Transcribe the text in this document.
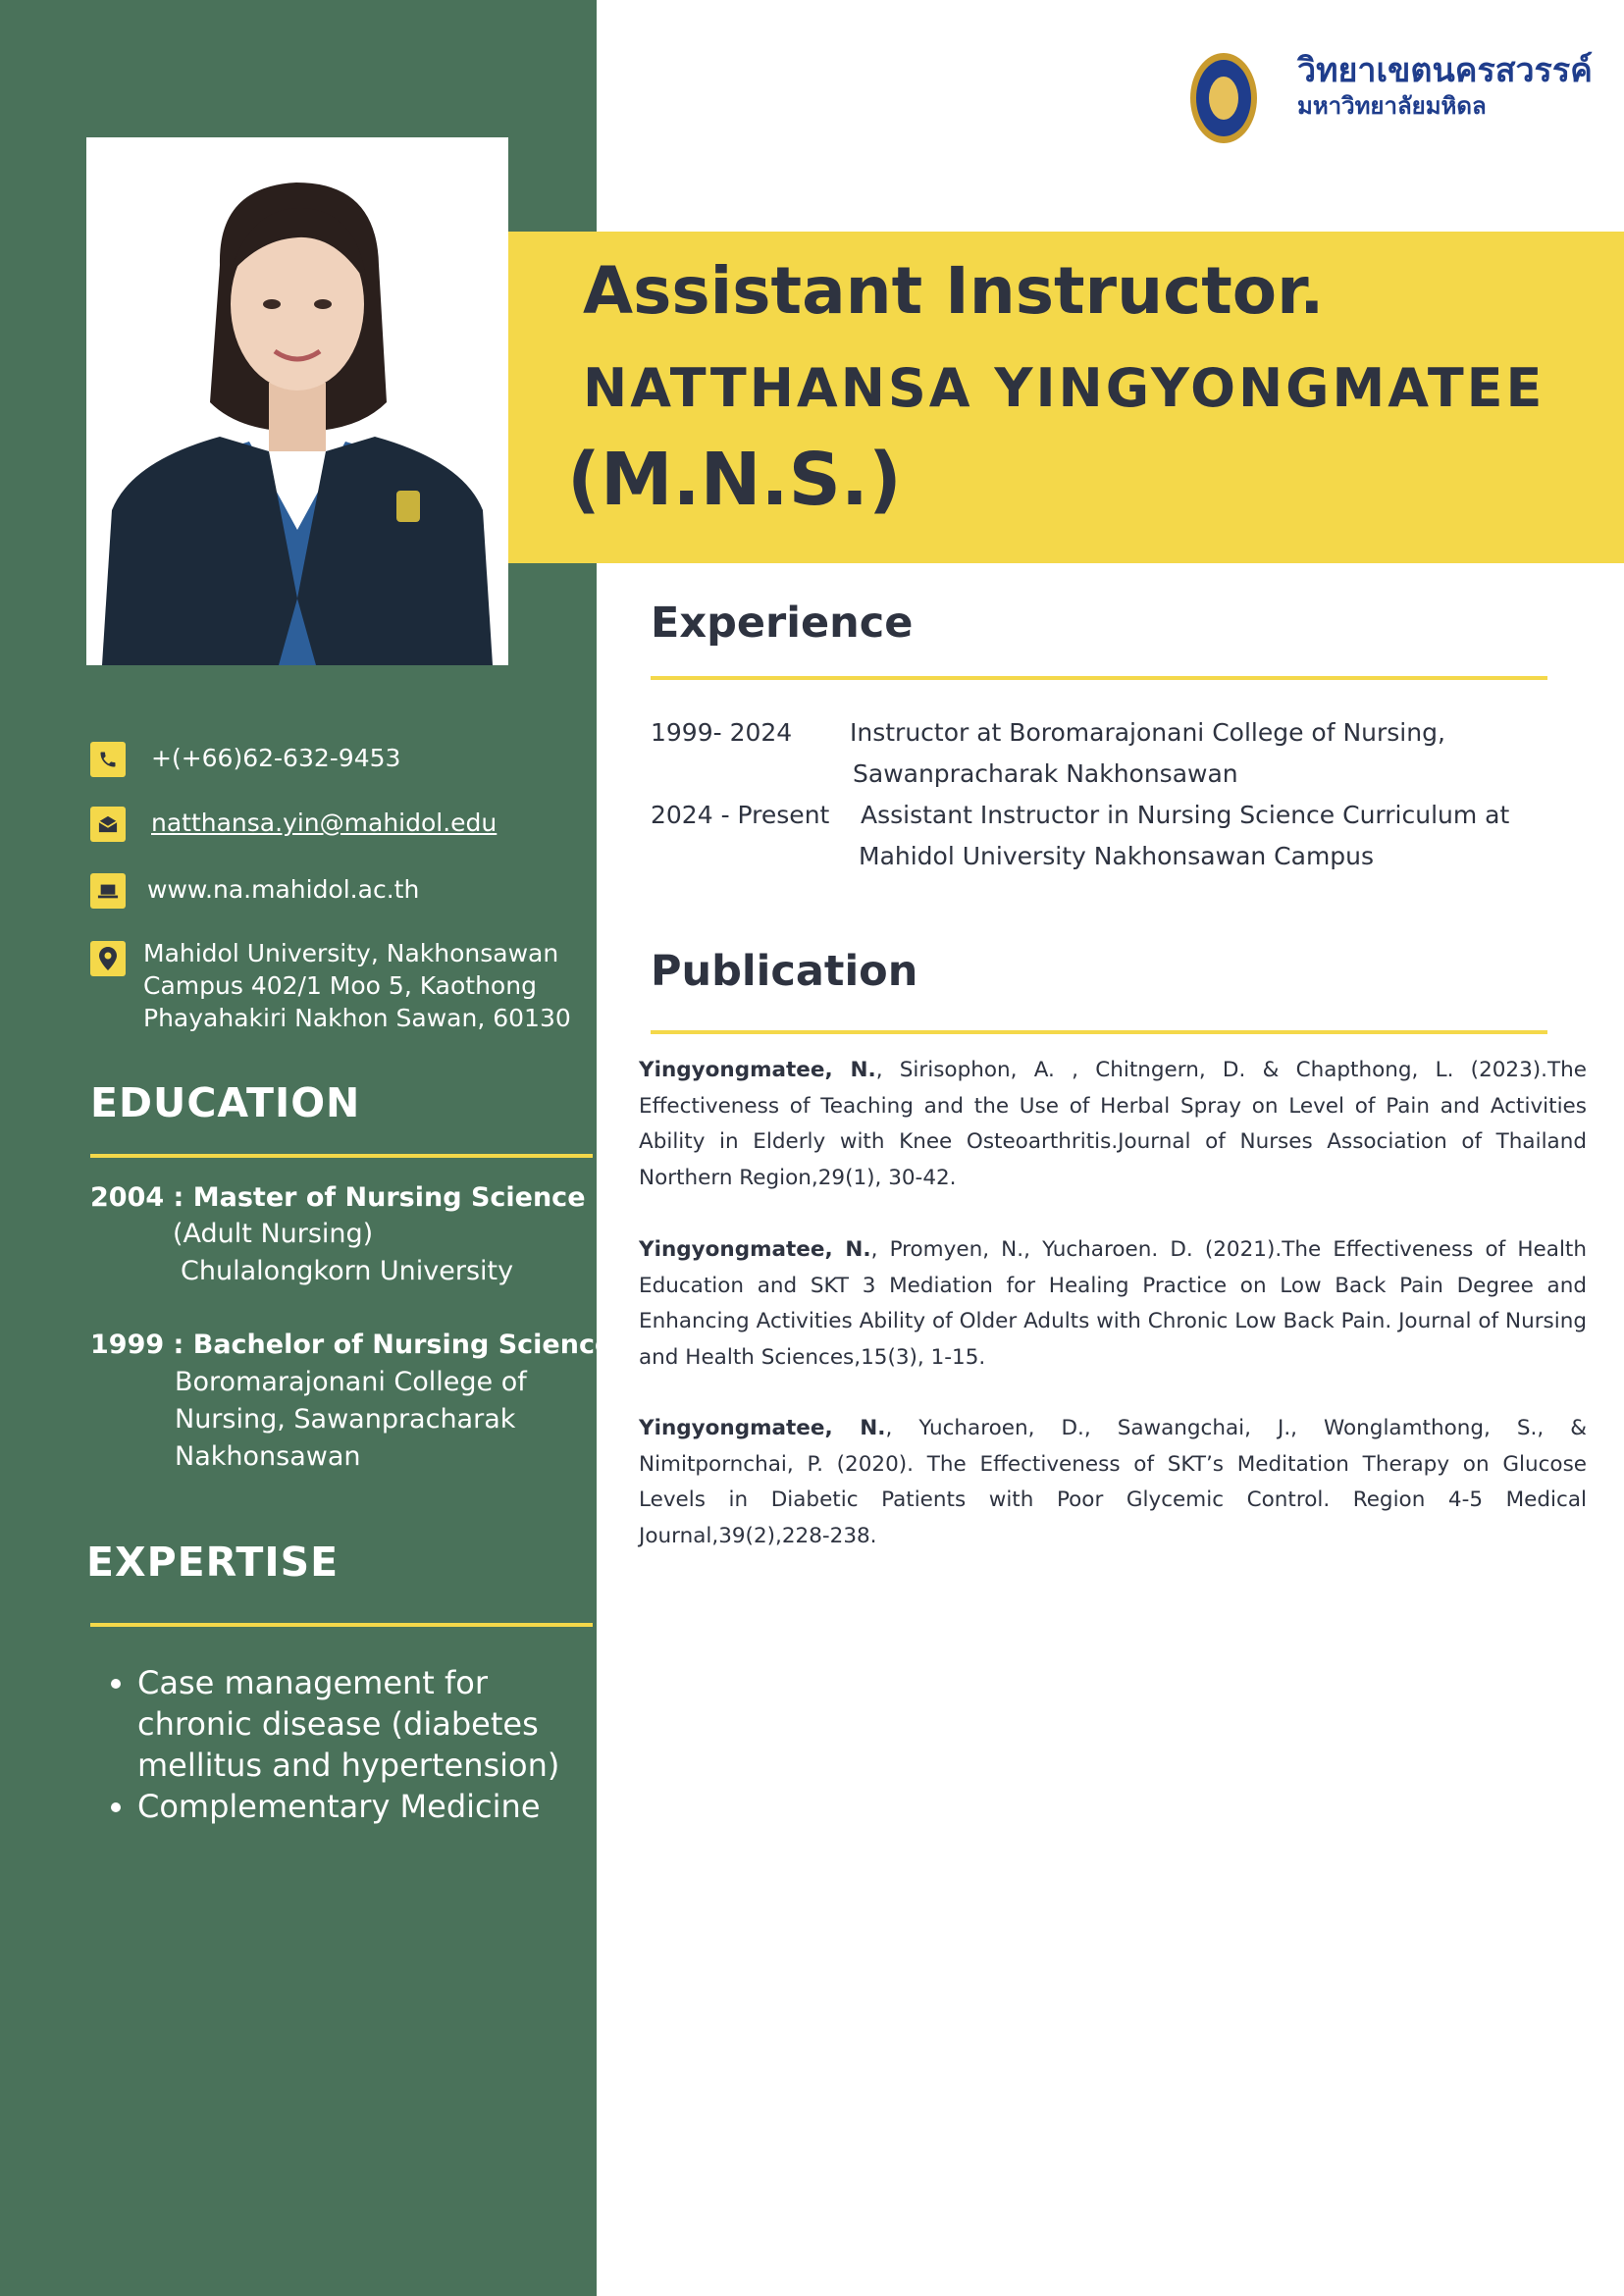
+(+66)62-632-9453
natthansa.yin@mahidol.edu
www.na.mahidol.ac.th
Mahidol University, Nakhonsawan
Campus 402/1 Moo 5, Kaothong
Phayahakiri Nakhon Sawan, 60130
EDUCATION
2004 : Master of Nursing Science
(Adult Nursing)
Chulalongkorn University
1999 : Bachelor of Nursing Science
Boromarajonani College of
Nursing, Sawanpracharak
Nakhonsawan
EXPERTISE
• Case management for chronic disease (diabetes mellitus and hypertension)
• Complementary Medicine
วิทยาเขตนครสวรรค์
มหาวิทยาลัยมหิดล
Assistant Instructor.
NATTHANSA YINGYONGMATEE
(M.N.S.)
Experience
1999- 2024 Instructor at Boromarajonani College of Nursing,
Sawanpracharak Nakhonsawan
2024 - Present Assistant Instructor in Nursing Science Curriculum at
Mahidol University Nakhonsawan Campus
Publication
Yingyongmatee, N., Sirisophon, A. , Chitngern, D. & Chapthong, L. (2023).The Effectiveness of Teaching and the Use of Herbal Spray on Level of Pain and Activities Ability in Elderly with Knee Osteoarthritis.Journal of Nurses Association of Thailand Northern Region,29(1), 30-42.
Yingyongmatee, N., Promyen, N., Yucharoen. D. (2021).The Effectiveness of Health Education and SKT 3 Mediation for Healing Practice on Low Back Pain Degree and Enhancing Activities Ability of Older Adults with Chronic Low Back Pain. Journal of Nursing and Health Sciences,15(3), 1-15.
Yingyongmatee, N., Yucharoen, D., Sawangchai, J., Wonglamthong, S., & Nimitpornchai, P. (2020). The Effectiveness of SKT’s Meditation Therapy on Glucose Levels in Diabetic Patients with Poor Glycemic Control. Region 4-5 Medical Journal,39(2),228-238.
